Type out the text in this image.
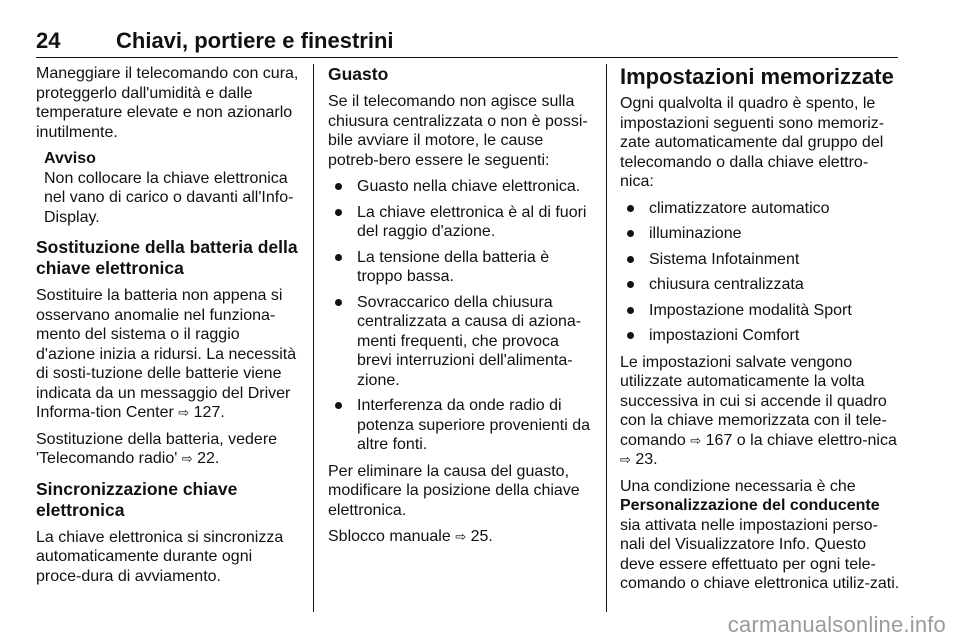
24	Chiavi, portiere e finestrini

Maneggiare il telecomando con cura, proteggerlo dall'umidità e dalle temperature elevate e non azionarlo inutilmente.

Avviso
Non collocare la chiave elettronica nel vano di carico o davanti all'Info-Display.
Sostituzione della batteria della chiave elettronica

Sostituire la batteria non appena si osservano anomalie nel funziona-mento del sistema o il raggio d'azione inizia a ridursi. La necessità di sosti-tuzione delle batterie viene indicata da un messaggio del Driver Informa-tion Center ⇨ 127.

Sostituzione della batteria, vedere 'Telecomando radio' ⇨ 22.

Sincronizzazione chiave elettronica

La chiave elettronica si sincronizza automaticamente durante ogni proce-dura di avviamento.

Guasto

Se il telecomando non agisce sulla chiusura centralizzata o non è possi-bile avviare il motore, le cause potreb-bero essere le seguenti:

Guasto nella chiave elettronica.
La chiave elettronica è al di fuori del raggio d'azione.
La tensione della batteria è troppo bassa.
Sovraccarico della chiusura centralizzata a causa di aziona-menti frequenti, che provoca brevi interruzioni dell'alimenta-zione.
Interferenza da onde radio di potenza superiore provenienti da altre fonti.

Per eliminare la causa del guasto, modificare la posizione della chiave elettronica.

Sblocco manuale ⇨ 25.

Impostazioni memorizzate

Ogni qualvolta il quadro è spento, le impostazioni seguenti sono memoriz-zate automaticamente dal gruppo del telecomando o dalla chiave elettro-nica:

climatizzatore automatico
illuminazione
Sistema Infotainment
chiusura centralizzata
Impostazione modalità Sport
impostazioni Comfort

Le impostazioni salvate vengono utilizzate automaticamente la volta successiva in cui si accende il quadro con la chiave memorizzata con il tele-comando ⇨ 167 o la chiave elettro-nica ⇨ 23.

Una condizione necessaria è che Personalizzazione del conducente sia attivata nelle impostazioni perso-nali del Visualizzatore Info. Questo deve essere effettuato per ogni tele-comando o chiave elettronica utiliz-zati.

carmanualsonline.info
